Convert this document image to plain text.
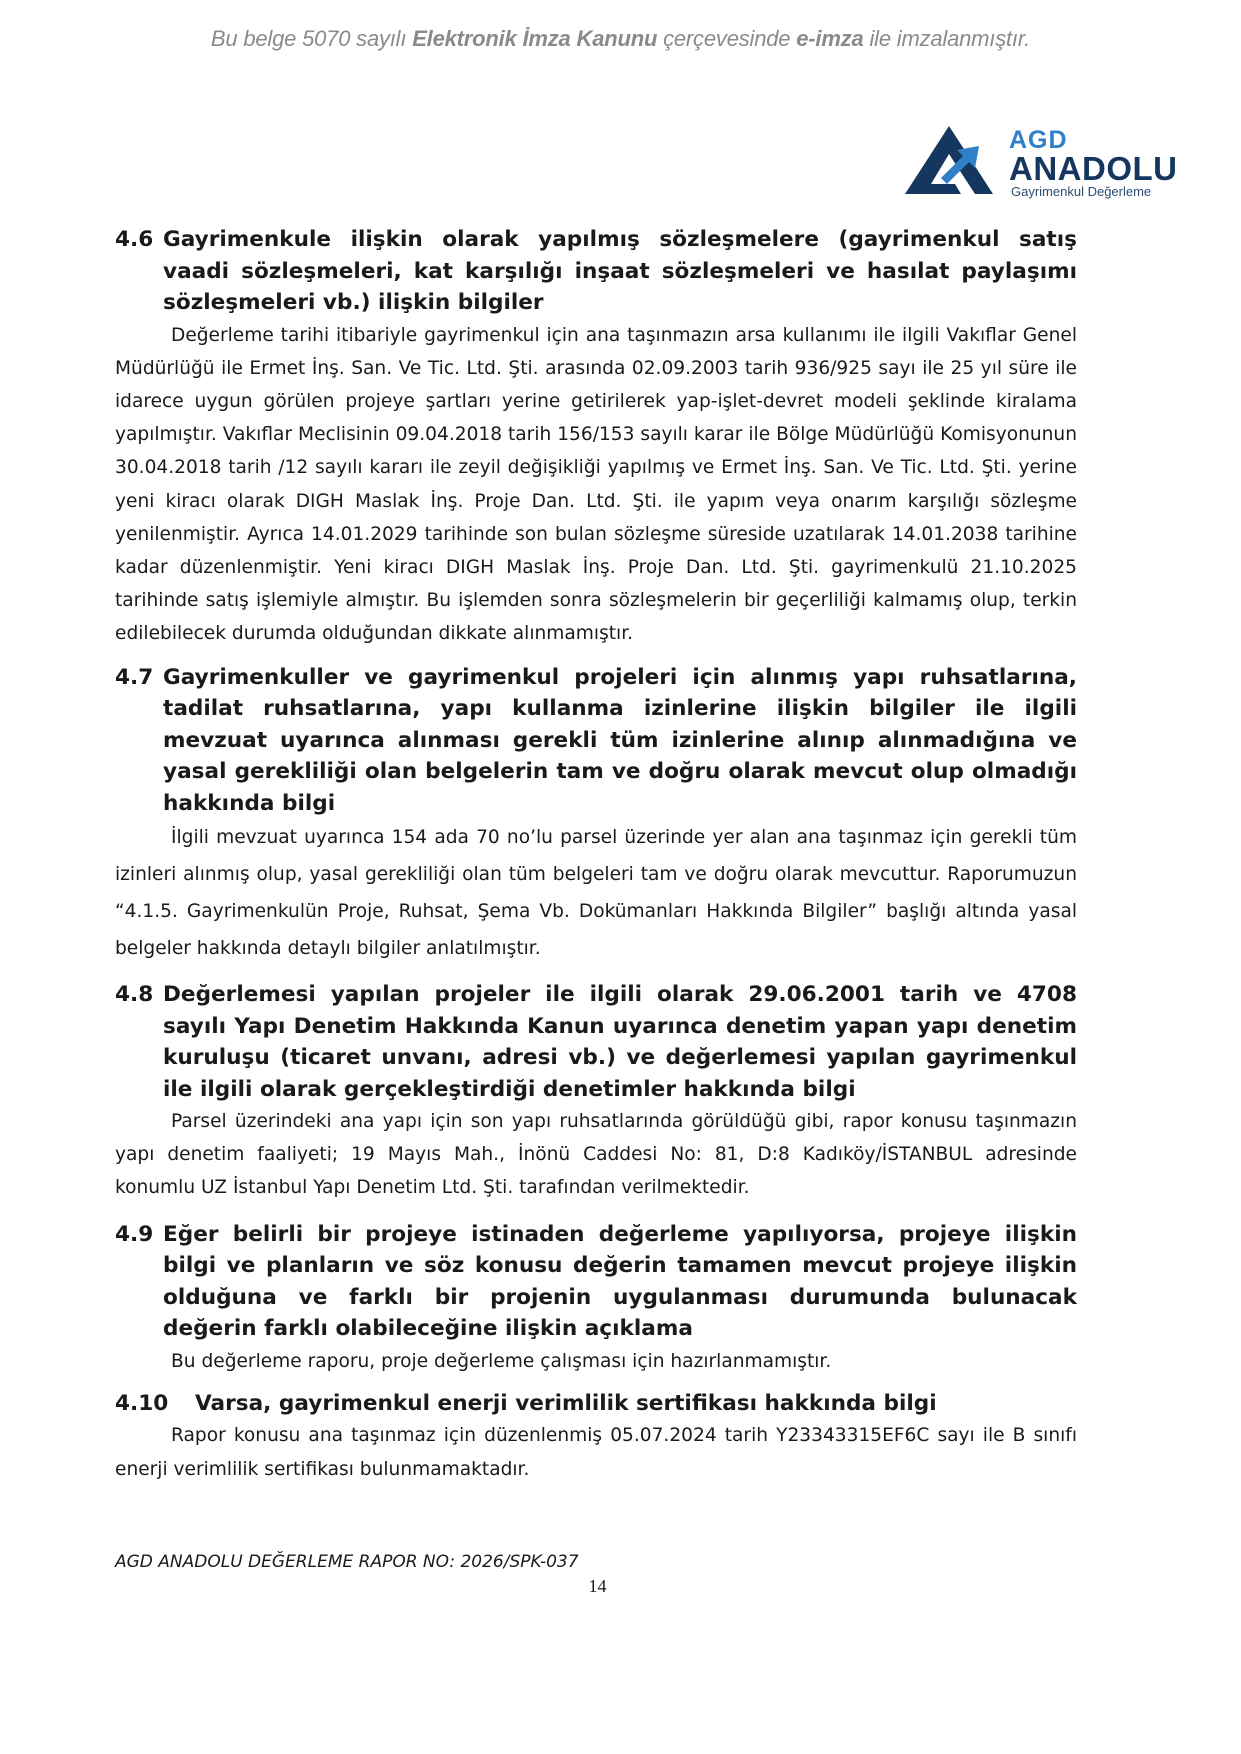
Bu belge 5070 sayılı Elektronik İmza Kanunu çerçevesinde e-imza ile imzalanmıştır.
AGD
ANADOLU
Gayrimenkul Değerleme
4.6 Gayrimenkule ilişkin olarak yapılmış sözleşmelere (gayrimenkul satış vaadi sözleşmeleri, kat karşılığı inşaat sözleşmeleri ve hasılat paylaşımı sözleşmeleri vb.) ilişkin bilgiler

Değerleme tarihi itibariyle gayrimenkul için ana taşınmazın arsa kullanımı ile ilgili Vakıflar Genel Müdürlüğü ile Ermet İnş. San. Ve Tic. Ltd. Şti. arasında 02.09.2003 tarih 936/925 sayı ile 25 yıl süre ile idarece uygun görülen projeye şartları yerine getirilerek yap-işlet-devret modeli şeklinde kiralama yapılmıştır. Vakıflar Meclisinin 09.04.2018 tarih 156/153 sayılı karar ile Bölge Müdürlüğü Komisyonunun 30.04.2018 tarih /12 sayılı kararı ile zeyil değişikliği yapılmış ve Ermet İnş. San. Ve Tic. Ltd. Şti. yerine yeni kiracı olarak DIGH Maslak İnş. Proje Dan. Ltd. Şti. ile yapım veya onarım karşılığı sözleşme yenilenmiştir. Ayrıca 14.01.2029 tarihinde son bulan sözleşme süreside uzatılarak 14.01.2038 tarihine kadar düzenlenmiştir. Yeni kiracı DIGH Maslak İnş. Proje Dan. Ltd. Şti. gayrimenkulü 21.10.2025 tarihinde satış işlemiyle almıştır. Bu işlemden sonra sözleşmelerin bir geçerliliği kalmamış olup, terkin edilebilecek durumda olduğundan dikkate alınmamıştır.

4.7 Gayrimenkuller ve gayrimenkul projeleri için alınmış yapı ruhsatlarına, tadilat ruhsatlarına, yapı kullanma izinlerine ilişkin bilgiler ile ilgili mevzuat uyarınca alınması gerekli tüm izinlerine alınıp alınmadığına ve yasal gerekliliği olan belgelerin tam ve doğru olarak mevcut olup olmadığı hakkında bilgi

İlgili mevzuat uyarınca 154 ada 70 no’lu parsel üzerinde yer alan ana taşınmaz için gerekli tüm izinleri alınmış olup, yasal gerekliliği olan tüm belgeleri tam ve doğru olarak mevcuttur. Raporumuzun “4.1.5. Gayrimenkulün Proje, Ruhsat, Şema Vb. Dokümanları Hakkında Bilgiler” başlığı altında yasal belgeler hakkında detaylı bilgiler anlatılmıştır.

4.8 Değerlemesi yapılan projeler ile ilgili olarak 29.06.2001 tarih ve 4708 sayılı Yapı Denetim Hakkında Kanun uyarınca denetim yapan yapı denetim kuruluşu (ticaret unvanı, adresi vb.) ve değerlemesi yapılan gayrimenkul ile ilgili olarak gerçekleştirdiği denetimler hakkında bilgi

Parsel üzerindeki ana yapı için son yapı ruhsatlarında görüldüğü gibi, rapor konusu taşınmazın yapı denetim faaliyeti; 19 Mayıs Mah., İnönü Caddesi No: 81, D:8 Kadıköy/İSTANBUL adresinde konumlu UZ İstanbul Yapı Denetim Ltd. Şti. tarafından verilmektedir.

4.9 Eğer belirli bir projeye istinaden değerleme yapılıyorsa, projeye ilişkin bilgi ve planların ve söz konusu değerin tamamen mevcut projeye ilişkin olduğuna ve farklı bir projenin uygulanması durumunda bulunacak değerin farklı olabileceğine ilişkin açıklama

Bu değerleme raporu, proje değerleme çalışması için hazırlanmamıştır.

4.10	Varsa, gayrimenkul enerji verimlilik sertifikası hakkında bilgi

Rapor konusu ana taşınmaz için düzenlenmiş 05.07.2024 tarih Y23343315EF6C sayı ile B sınıfı enerji verimlilik sertifikası bulunmamaktadır.

AGD ANADOLU DEĞERLEME RAPOR NO: 2026/SPK-037
14
